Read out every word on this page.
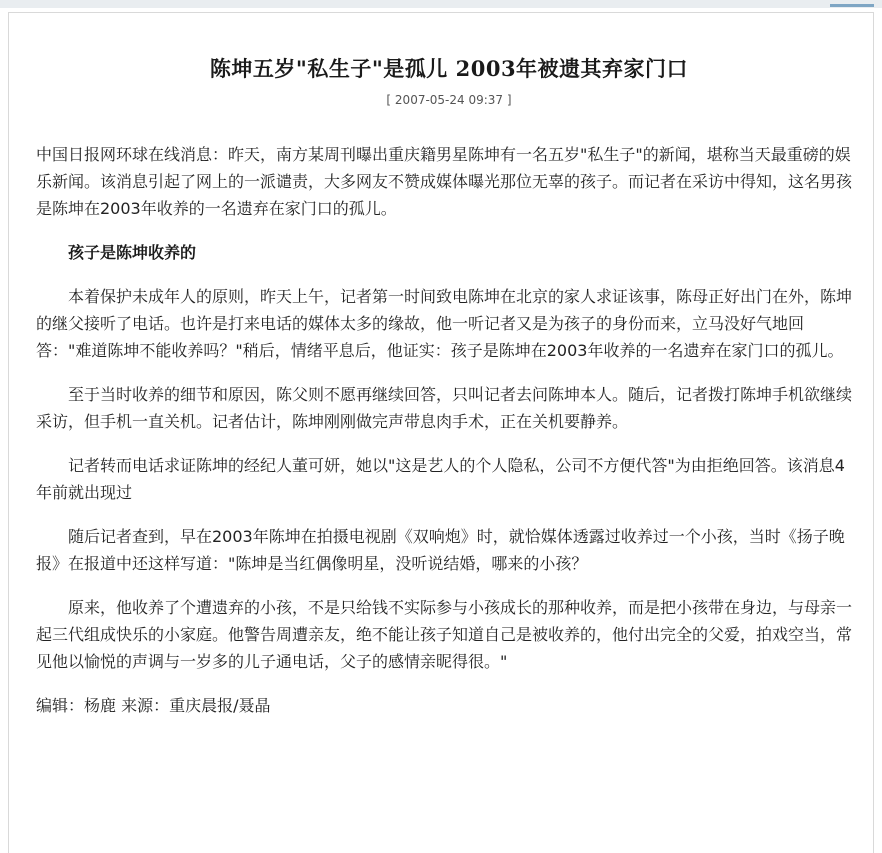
陈坤五岁"私生子"是孤儿 2003年被遗其弃家门口
[ 2007-05-24 09:37 ]

中国日报网环球在线消息：昨天，南方某周刊曝出重庆籍男星陈坤有一名五岁"私生子"的新闻，堪称当天最重磅的娱乐新闻。该消息引起了网上的一派谴责，大多网友不赞成媒体曝光那位无辜的孩子。而记者在采访中得知，这名男孩是陈坤在2003年收养的一名遗弃在家门口的孤儿。

孩子是陈坤收养的

本着保护未成年人的原则，昨天上午，记者第一时间致电陈坤在北京的家人求证该事，陈母正好出门在外，陈坤的继父接听了电话。也许是打来电话的媒体太多的缘故，他一听记者又是为孩子的身份而来，立马没好气地回答："难道陈坤不能收养吗？"稍后，情绪平息后，他证实：孩子是陈坤在2003年收养的一名遗弃在家门口的孤儿。

至于当时收养的细节和原因，陈父则不愿再继续回答，只叫记者去问陈坤本人。随后，记者拨打陈坤手机欲继续采访，但手机一直关机。记者估计，陈坤刚刚做完声带息肉手术，正在关机要静养。

记者转而电话求证陈坤的经纪人董可妍，她以"这是艺人的个人隐私，公司不方便代答"为由拒绝回答。该消息4年前就出现过

随后记者查到，早在2003年陈坤在拍摄电视剧《双响炮》时，就恰媒体透露过收养过一个小孩，当时《扬子晚报》在报道中还这样写道："陈坤是当红偶像明星，没听说结婚，哪来的小孩？

原来，他收养了个遭遗弃的小孩，不是只给钱不实际参与小孩成长的那种收养，而是把小孩带在身边，与母亲一起三代组成快乐的小家庭。他警告周遭亲友，绝不能让孩子知道自己是被收养的，他付出完全的父爱，拍戏空当，常见他以愉悦的声调与一岁多的儿子通电话，父子的感情亲昵得很。"

编辑：杨鹿 来源：重庆晨报/聂晶
